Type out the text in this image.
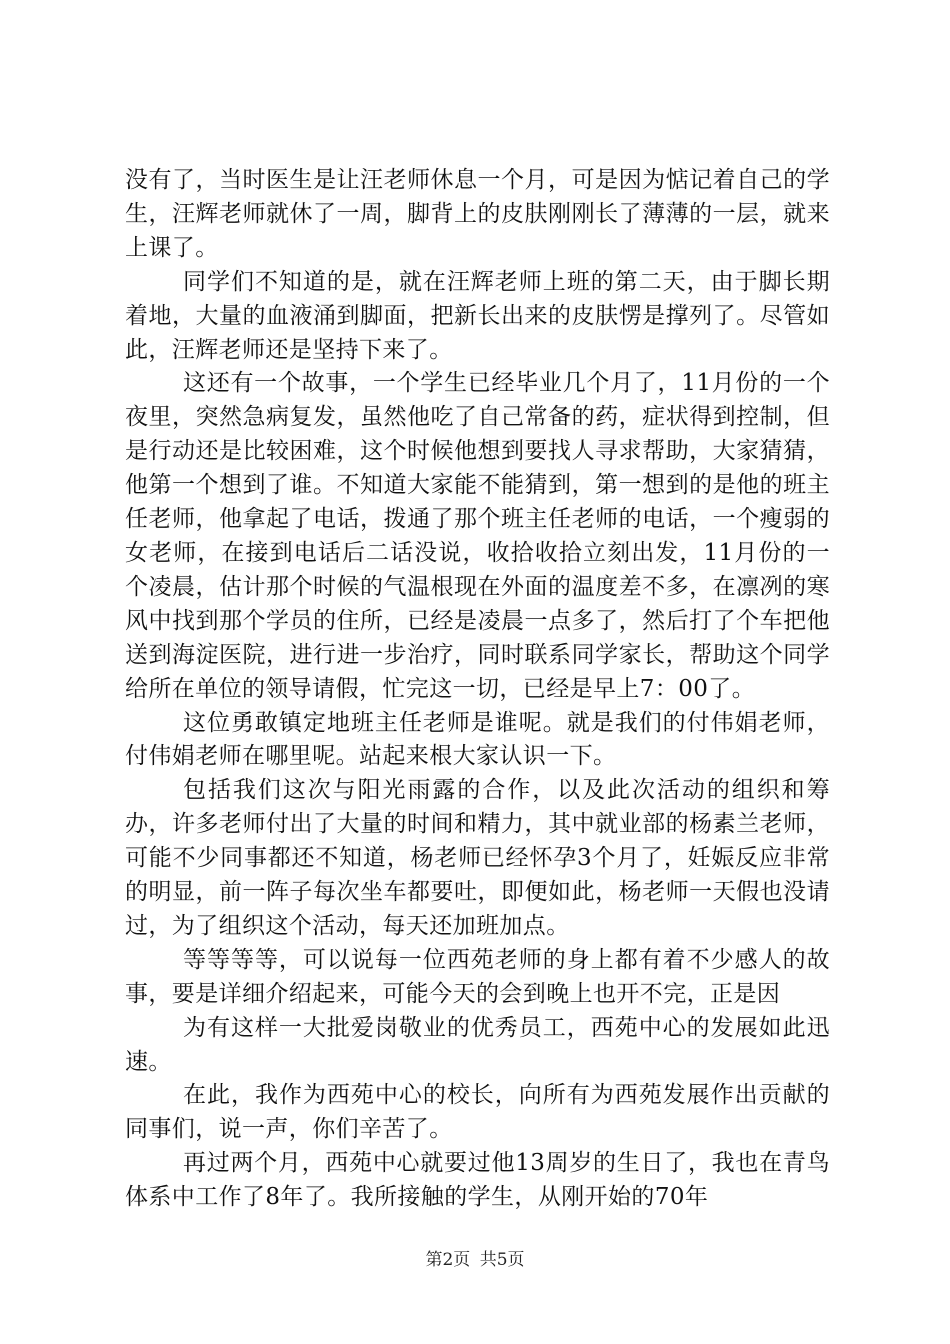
没有了，当时医生是让汪老师休息一个月，可是因为惦记着自己的学生，汪辉老师就休了一周，脚背上的皮肤刚刚长了薄薄的一层，就来上课了。

同学们不知道的是，就在汪辉老师上班的第二天，由于脚长期着地，大量的血液涌到脚面，把新长出来的皮肤愣是撑列了。尽管如此，汪辉老师还是坚持下来了。

这还有一个故事，一个学生已经毕业几个月了，11月份的一个夜里，突然急病复发，虽然他吃了自己常备的药，症状得到控制，但是行动还是比较困难，这个时候他想到要找人寻求帮助，大家猜猜，他第一个想到了谁。不知道大家能不能猜到，第一想到的是他的班主任老师，他拿起了电话，拨通了那个班主任老师的电话，一个瘦弱的女老师，在接到电话后二话没说，收拾收拾立刻出发，11月份的一个凌晨，估计那个时候的气温根现在外面的温度差不多，在凛冽的寒风中找到那个学员的住所，已经是凌晨一点多了，然后打了个车把他送到海淀医院，进行进一步治疗，同时联系同学家长，帮助这个同学给所在单位的领导请假，忙完这一切，已经是早上7：00了。

这位勇敢镇定地班主任老师是谁呢。就是我们的付伟娟老师，付伟娟老师在哪里呢。站起来根大家认识一下。

包括我们这次与阳光雨露的合作，以及此次活动的组织和筹办，许多老师付出了大量的时间和精力，其中就业部的杨素兰老师，可能不少同事都还不知道，杨老师已经怀孕3个月了，妊娠反应非常的明显，前一阵子每次坐车都要吐，即便如此，杨老师一天假也没请过，为了组织这个活动，每天还加班加点。

等等等等，可以说每一位西苑老师的身上都有着不少感人的故事，要是详细介绍起来，可能今天的会到晚上也开不完，正是因

为有这样一大批爱岗敬业的优秀员工，西苑中心的发展如此迅速。

在此，我作为西苑中心的校长，向所有为西苑发展作出贡献的同事们，说一声，你们辛苦了。

再过两个月，西苑中心就要过他13周岁的生日了，我也在青鸟体系中工作了8年了。我所接触的学生，从刚开始的70年

第2页 共5页
